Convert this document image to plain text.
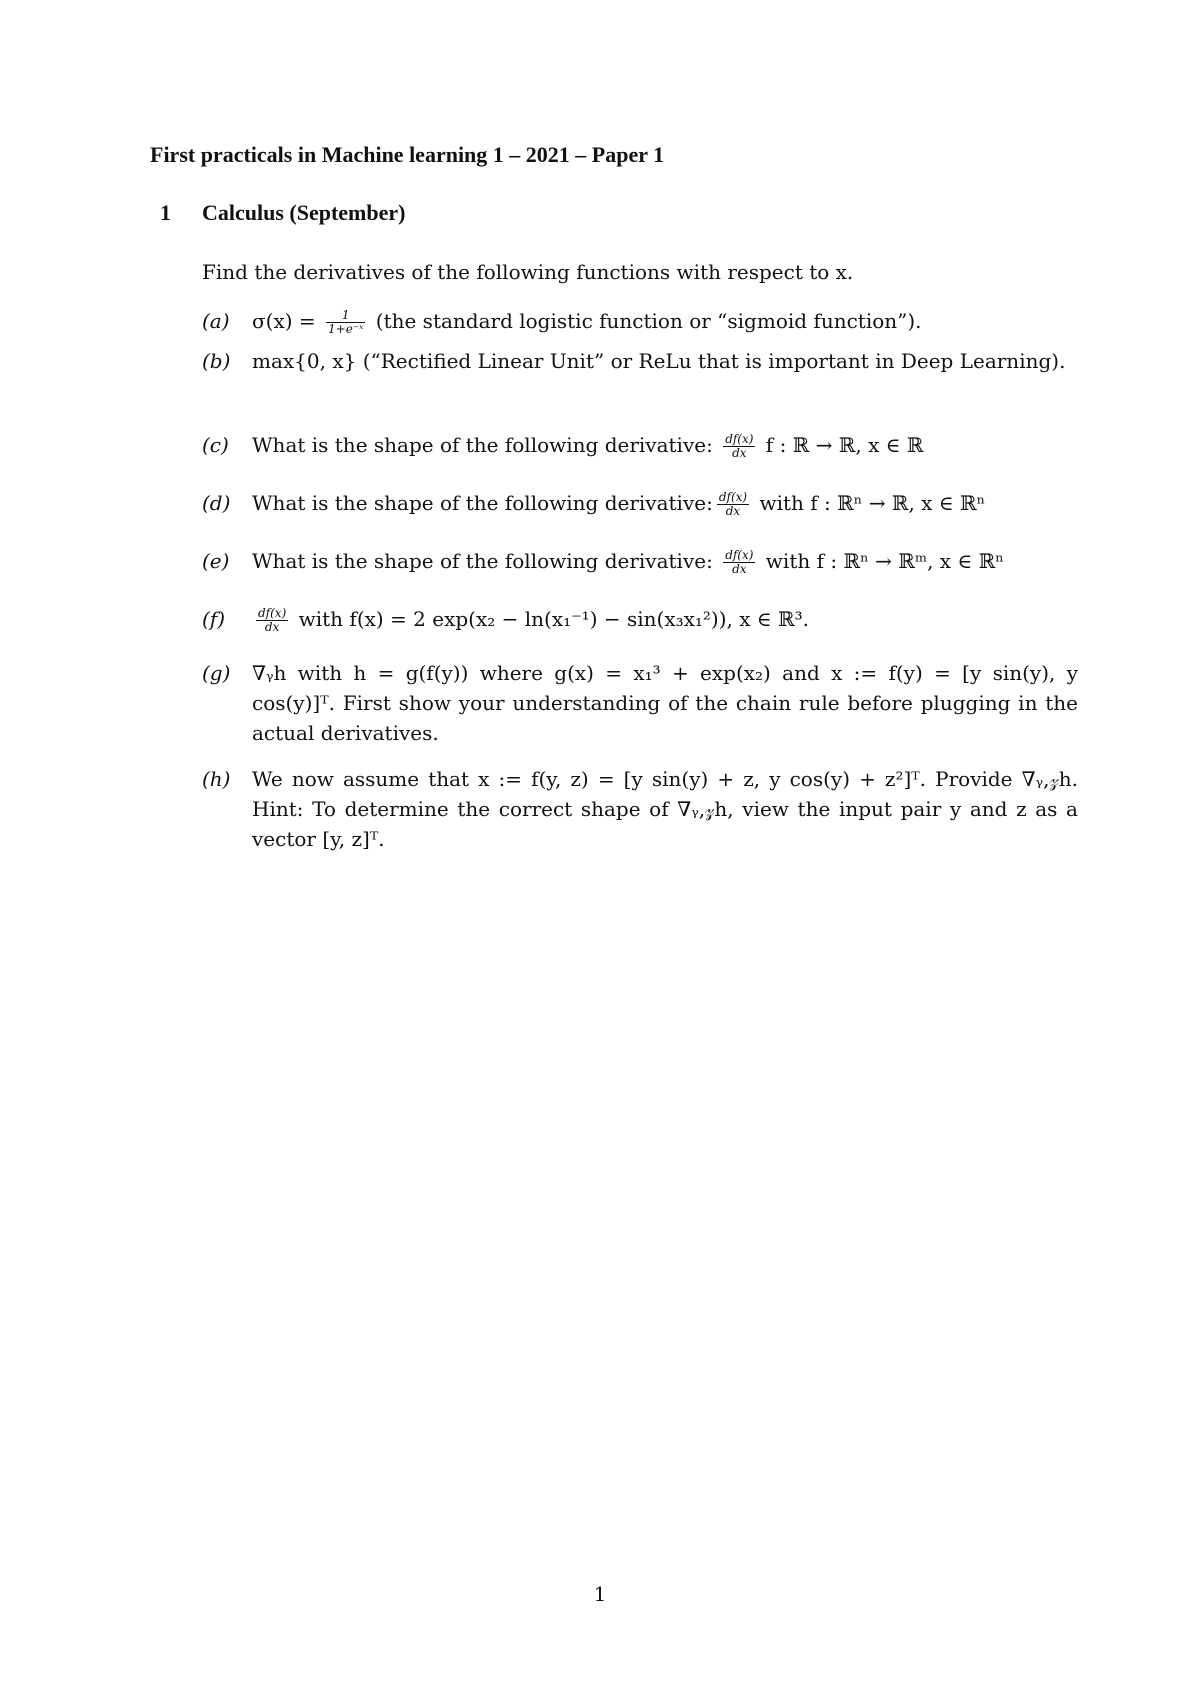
First practicals in Machine learning 1 – 2021 – Paper 1
1 Calculus (September)
Find the derivatives of the following functions with respect to x.
(a)	$\sigma(x) = \frac{1}{\text{1+e⁻ˣ}} (the$ standard logistic function or “sigmoid function”).
(b)	max{0, x} (“Rectified Linear Unit” or ReLu that is important in Deep Learning).
(c)	What is the shape of the following derivative: $\frac{df(x)}{dx}$ f : ℝ → ℝ, x ∈ ℝ
(d)	What is the shape of the following derivative: $\frac{df(x)}{dx}$ with f : ℝⁿ → ℝ, x ∈ ℝⁿ
(e)	What is the shape of the following derivative: $\frac{df(x)}{dx}$ with f : ℝⁿ → ℝᵐ, x ∈ ℝⁿ
(f)	$\frac{df(x)}{dx}$ with f(x) = 2 exp(x₂ − ln(x₁⁻¹) − sin(x₃x₁²)), x ∈ ℝ³.
(g)	∇ᵧh with h = g(f(y)) where g(x) = x₁³ + exp(x₂) and x := f(y) = [y sin(y), y cos(y)]ᵀ. First show your understanding of the chain rule before plugging in the actual derivatives.
(h)	We now assume that x := f(y, z) = [y sin(y) + z, y cos(y) + z²]ᵀ. Provide ∇ᵧ,𝓏h. Hint: To determine the correct shape of ∇ᵧ,𝓏h, view the input pair y and z as a vector [y, z]ᵀ.
1
